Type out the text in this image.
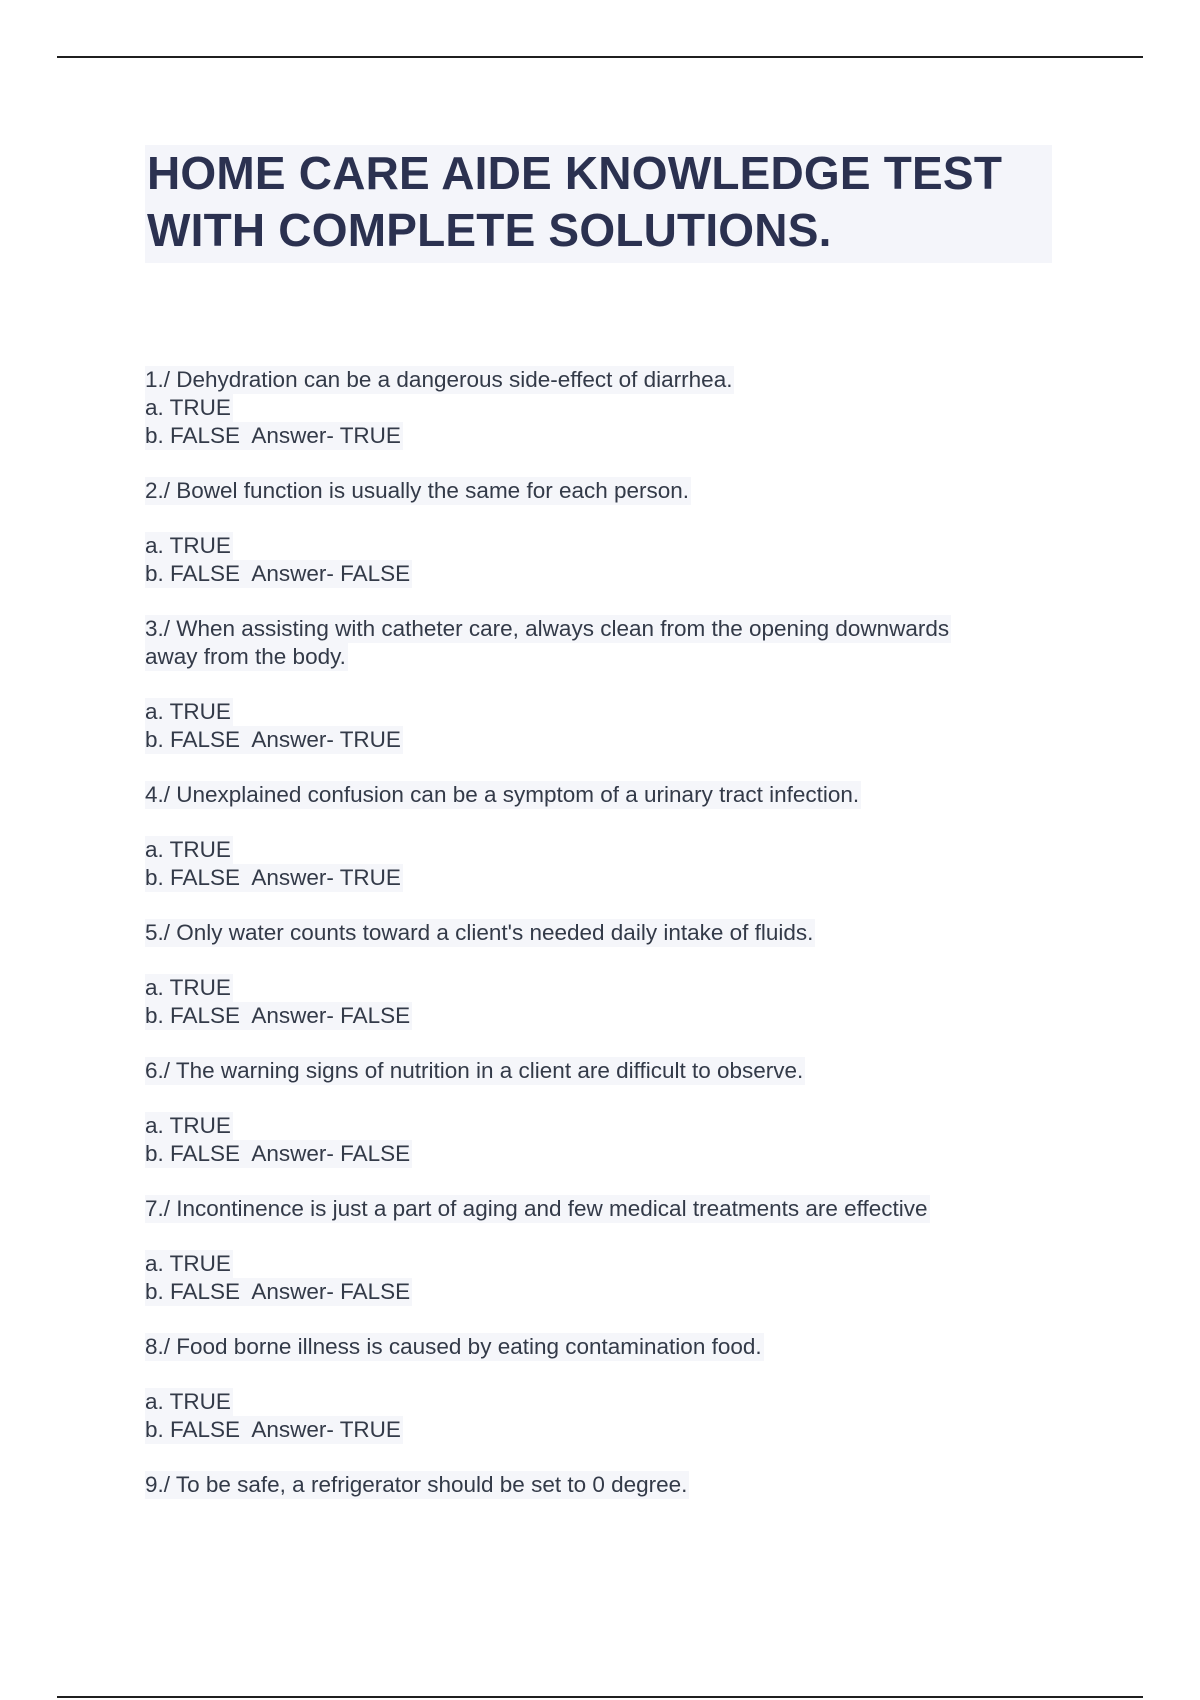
HOME CARE AIDE KNOWLEDGE TEST
WITH COMPLETE SOLUTIONS.
1./ Dehydration can be a dangerous side-effect of diarrhea.
a. TRUE
b. FALSE Answer- TRUE
2./ Bowel function is usually the same for each person.
a. TRUE
b. FALSE Answer- FALSE
3./ When assisting with catheter care, always clean from the opening downwards
away from the body.
a. TRUE
b. FALSE Answer- TRUE
4./ Unexplained confusion can be a symptom of a urinary tract infection.
a. TRUE
b. FALSE Answer- TRUE
5./ Only water counts toward a client's needed daily intake of fluids.
a. TRUE
b. FALSE Answer- FALSE
6./ The warning signs of nutrition in a client are difficult to observe.
a. TRUE
b. FALSE Answer- FALSE
7./ Incontinence is just a part of aging and few medical treatments are effective
a. TRUE
b. FALSE Answer- FALSE
8./ Food borne illness is caused by eating contamination food.
a. TRUE
b. FALSE Answer- TRUE
9./ To be safe, a refrigerator should be set to 0 degree.
